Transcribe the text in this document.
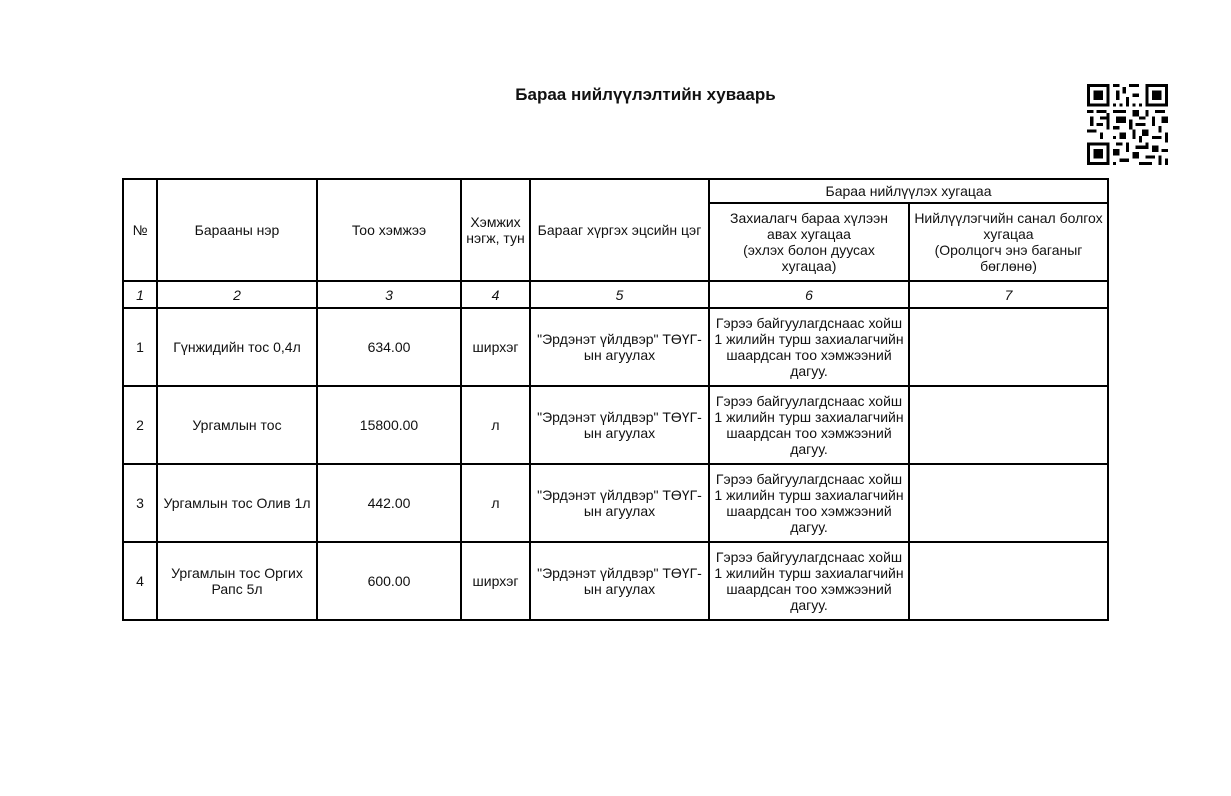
Бараа нийлүүлэлтийн хуваарь
№	Барааны нэр	Тоо хэмжээ	Хэмжих нэгж, тун	Барааг хүргэх эцсийн цэг	Бараа нийлүүлэх хугацаа	

					Захиалагч бараа хүлээн
авах хугацаа
(эхлэх болон дуусах
хугацаа)	Нийлүүлэгчийн санал болгох
хугацаа
(Оролцогч энэ баганыг
бөглөнө)

1	2	3	4	5	6	7
1	Гүнжидийн тос 0,4л	634.00	ширхэг	"Эрдэнэт үйлдвэр" ТӨҮГ-ын агуулах	Гэрээ байгуулагдснаас хойш 1 жилийн турш захиалагчийн шаардсан тоо хэмжээний дагуу.	
2	Ургамлын тос	15800.00	л	"Эрдэнэт үйлдвэр" ТӨҮГ-ын агуулах	Гэрээ байгуулагдснаас хойш 1 жилийн турш захиалагчийн шаардсан тоо хэмжээний дагуу.	
3	Ургамлын тос Олив 1л	442.00	л	"Эрдэнэт үйлдвэр" ТӨҮГ-ын агуулах	Гэрээ байгуулагдснаас хойш 1 жилийн турш захиалагчийн шаардсан тоо хэмжээний дагуу.	
4	Ургамлын тос Оргих Рапс 5л	600.00	ширхэг	"Эрдэнэт үйлдвэр" ТӨҮГ-ын агуулах	Гэрээ байгуулагдснаас хойш 1 жилийн турш захиалагчийн шаардсан тоо хэмжээний дагуу.	
